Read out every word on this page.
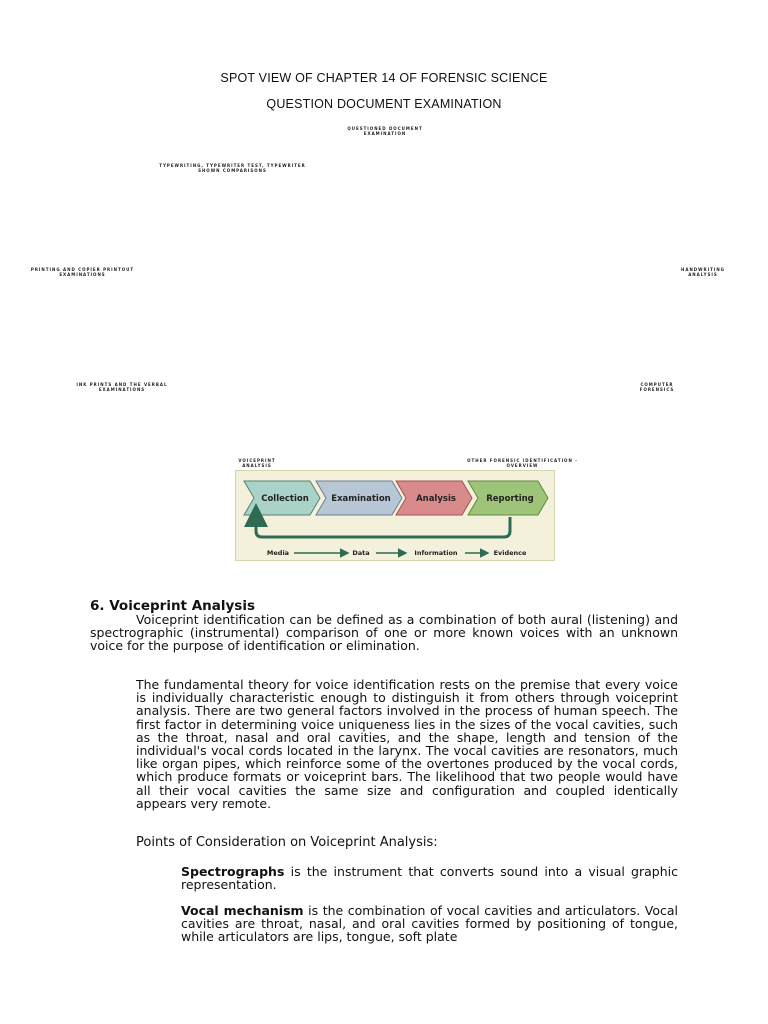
SPOT VIEW OF CHAPTER 14 OF FORENSIC SCIENCE
QUESTION DOCUMENT EXAMINATION
QUESTIONED DOCUMENT EXAMINATION
TYPEWRITING, TYPEWRITER TEST, TYPEWRITER SHOWN COMPARISONS
PRINTING AND COPIER PRINTOUT EXAMINATIONS
HANDWRITING ANALYSIS
INK PRINTS AND THE VERBAL EXAMINATIONS
COMPUTER FORENSICS
VOICEPRINT ANALYSIS
OTHER FORENSIC IDENTIFICATION - OVERVIEW
Collection	Examination	Analysis	Reporting
Media	Data	Information	Evidence
6. Voiceprint Analysis

Voiceprint identification can be defined as a combination of both aural (listening) and spectrographic (instrumental) comparison of one or more known voices with an unknown voice for the purpose of identification or elimination.

The fundamental theory for voice identification rests on the premise that every voice is individually characteristic enough to distinguish it from others through voiceprint analysis. There are two general factors involved in the process of human speech. The first factor in determining voice uniqueness lies in the sizes of the vocal cavities, such as the throat, nasal and oral cavities, and the shape, length and tension of the individual's vocal cords located in the larynx. The vocal cavities are resonators, much like organ pipes, which reinforce some of the overtones produced by the vocal cords, which produce formats or voiceprint bars. The likelihood that two people would have all their vocal cavities the same size and configuration and coupled identically appears very remote.

Points of Consideration on Voiceprint Analysis:

Spectrographs is the instrument that converts sound into a visual graphic representation.

Vocal mechanism is the combination of vocal cavities and articulators. Vocal cavities are throat, nasal, and oral cavities formed by positioning of tongue, while articulators are lips, tongue, soft plate
